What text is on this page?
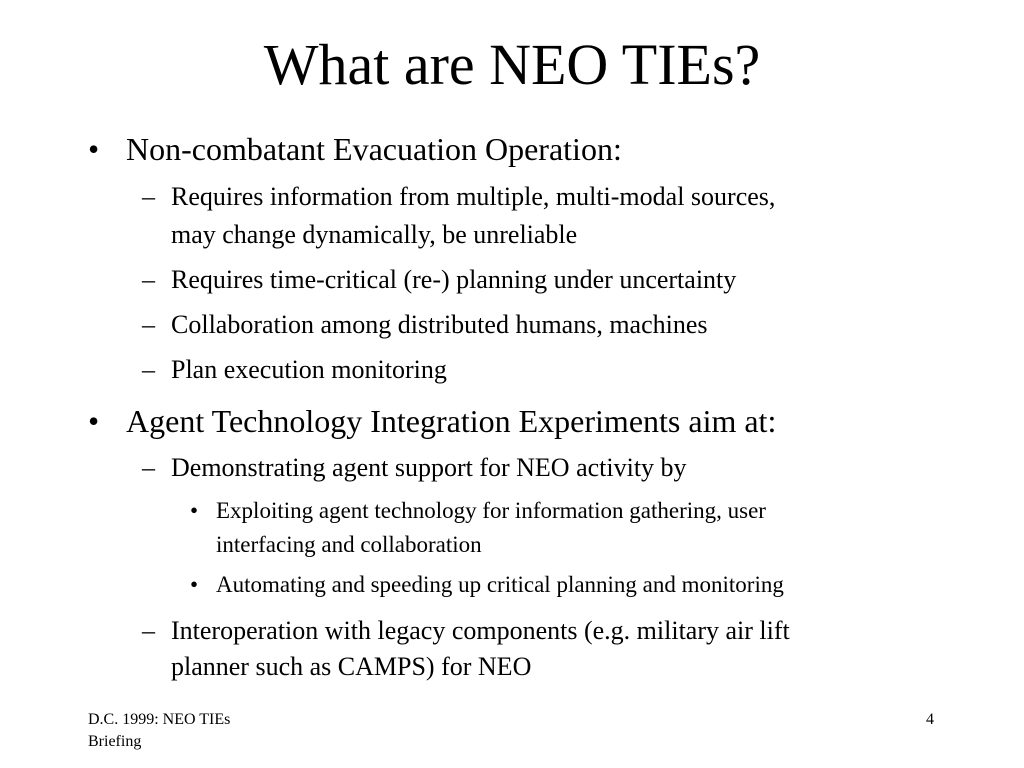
What are NEO TIEs?
• Non-combatant Evacuation Operation:
– Requires information from multiple, multi-modal sources,
may change dynamically, be unreliable
– Requires time-critical (re-) planning under uncertainty
– Collaboration among distributed humans, machines
– Plan execution monitoring
• Agent Technology Integration Experiments aim at:
– Demonstrating agent support for NEO activity by
• Exploiting agent technology for information gathering, user
interfacing and collaboration
• Automating and speeding up critical planning and monitoring
– Interoperation with legacy components (e.g. military air lift
planner such as CAMPS) for NEO
D.C. 1999: NEO TIEs
Briefing
4
